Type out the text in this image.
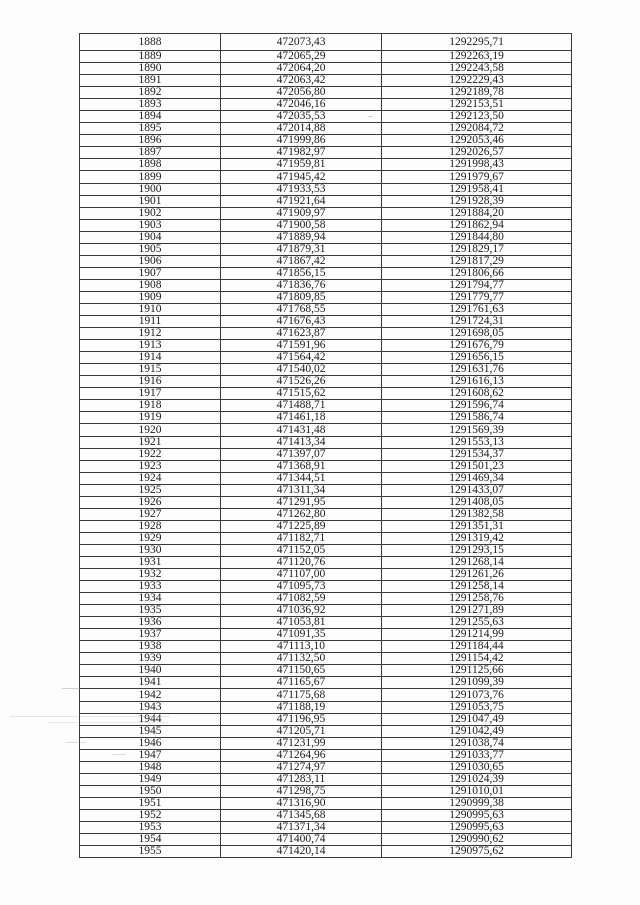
1888	472073,43	1292295,71
1889	472065,29	1292263,19
1890	472064,20	1292243,58
1891	472063,42	1292229,43
1892	472056,80	1292189,78
1893	472046,16	1292153,51
1894	472035,53	1292123,50
1895	472014,88	1292084,72
1896	471999,86	1292053,46
1897	471982,97	1292026,57
1898	471959,81	1291998,43
1899	471945,42	1291979,67
1900	471933,53	1291958,41
1901	471921,64	1291928,39
1902	471909,97	1291884,20
1903	471900,58	1291862,94
1904	471889,94	1291844,80
1905	471879,31	1291829,17
1906	471867,42	1291817,29
1907	471856,15	1291806,66
1908	471836,76	1291794,77
1909	471809,85	1291779,77
1910	471768,55	1291761,63
1911	471676,43	1291724,31
1912	471623,87	1291698,05
1913	471591,96	1291676,79
1914	471564,42	1291656,15
1915	471540,02	1291631,76
1916	471526,26	1291616,13
1917	471515,62	1291608,62
1918	471488,71	1291596,74
1919	471461,18	1291586,74
1920	471431,48	1291569,39
1921	471413,34	1291553,13
1922	471397,07	1291534,37
1923	471368,91	1291501,23
1924	471344,51	1291469,34
1925	471311,34	1291433,07
1926	471291,95	1291408,05
1927	471262,80	1291382,58
1928	471225,89	1291351,31
1929	471182,71	1291319,42
1930	471152,05	1291293,15
1931	471120,76	1291268,14
1932	471107,00	1291261,26
1933	471095,73	1291258,14
1934	471082,59	1291258,76
1935	471036,92	1291271,89
1936	471053,81	1291255,63
1937	471091,35	1291214,99
1938	471113,10	1291184,44
1939	471132,50	1291154,42
1940	471150,65	1291125,66
1941	471165,67	1291099,39
1942	471175,68	1291073,76
1943	471188,19	1291053,75
1944	471196,95	1291047,49
1945	471205,71	1291042,49
1946	471231,99	1291038,74
1947	471264,96	1291033,77
1948	471274,97	1291030,65
1949	471283,11	1291024,39
1950	471298,75	1291010,01
1951	471316,90	1290999,38
1952	471345,68	1290995,63
1953	471371,34	1290995,63
1954	471400,74	1290990,62
1955	471420,14	1290975,62
